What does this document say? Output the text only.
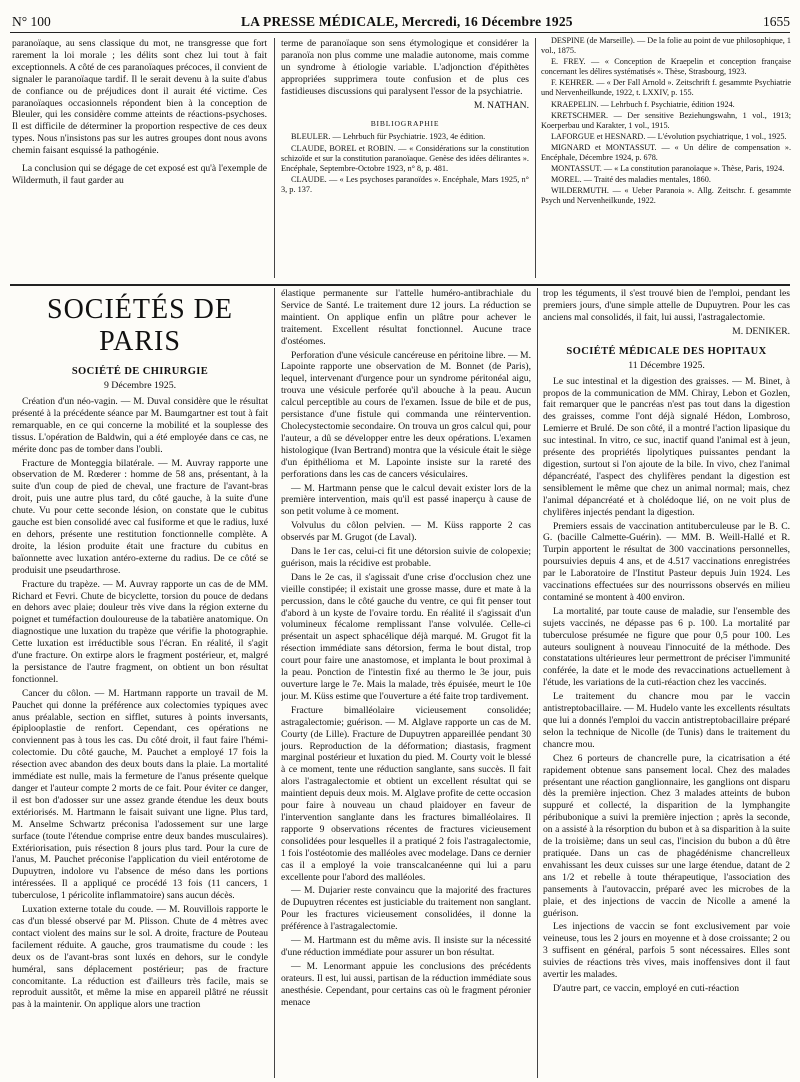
N° 100	LA PRESSE MÉDICALE, Mercredi, 16 Décembre 1925	1655

paranoïaque, au sens classique du mot, ne transgresse que fort rarement la loi morale ; les délits sont chez lui tout à fait exceptionnels. A côté de ces paranoïaques précoces, il convient de signaler le paranoïaque tardif. Il le serait devenu à la suite d'abus de confiance ou de préjudices dont il aurait été victime. Ces paranoïaques occasionnels répondent bien à la conception de Bleuler, qui les considère comme atteints de réactions-psychoses. Il est difficile de déterminer la proportion respective de ces deux types. Nous n'insistons pas sur les autres groupes dont nous avons chemin faisant esquissé la pathogénie.

La conclusion qui se dégage de cet exposé est qu'à l'exemple de Wildermuth, il faut garder au

terme de paranoïaque son sens étymologique et considérer la paranoïa non plus comme une maladie autonome, mais comme un syndrome à étiologie variable. L'adjonction d'épithètes appropriées supprimera toute confusion et de plus ces fastidieuses discussions qui paralysent l'essor de la psychiatrie.

M. NATHAN.

BIBLIOGRAPHIE

BLEULER. — Lehrbuch für Psychiatrie. 1923, 4e édition.

CLAUDE, BOREL et ROBIN. — « Considérations sur la constitution schizoïde et sur la constitution paranoïaque. Genèse des idées délirantes ». Encéphale, Septembre-Octobre 1923, n° 8, p. 481.

CLAUDE. — « Les psychoses paranoïdes ». Encéphale, Mars 1925, n° 3, p. 137.

DESPINE (de Marseille). — De la folie au point de vue philosophique, 1 vol., 1875.

E. FREY. — « Conception de Kraepelin et conception française concernant les délires systématisés ». Thèse, Strasbourg, 1923.

F. KEHRER. — « Der Fall Arnold ». Zeitschrift f. gesammte Psychiatrie und Nervenheilkunde, 1922, t. LXXIV, p. 155.

KRAEPELIN. — Lehrbuch f. Psychiatrie, édition 1924.

KRETSCHMER. — Der sensitive Beziehungswahn, 1 vol., 1913; Koerperbau und Karakter, 1 vol., 1915.

LAFORGUE et HESNARD. — L'évolution psychiatrique, 1 vol., 1925.

MIGNARD et MONTASSUT. — « Un délire de compensation ». Encéphale, Décembre 1924, p. 678.

MONTASSUT. — « La constitution paranoïaque ». Thèse, Paris, 1924.

MOREL. — Traité des maladies mentales, 1860.

WILDERMUTH. — « Ueber Paranoia ». Allg. Zeitschr. f. gesammte Psych und Nervenheilkunde, 1922.

SOCIÉTÉS DE PARIS
SOCIÉTÉ DE CHIRURGIE
9 Décembre 1925.

Création d'un néo-vagin. — M. Duval considère que le résultat présenté à la précédente séance par M. Baumgartner est tout à fait remarquable, en ce qui concerne la mobilité et la souplesse des tissus. L'opération de Baldwin, qui a été employée dans ce cas, ne mérite donc pas de tomber dans l'oubli.

Fracture de Monteggia bilatérale. — M. Auvray rapporte une observation de M. Rœderer : homme de 58 ans, présentant, à la suite d'un coup de pied de cheval, une fracture de l'avant-bras droit, puis une autre plus tard, du côté gauche, à la suite d'une chute. Vu pour cette seconde lésion, on constate que le cubitus gauche est bien consolidé avec cal fusiforme et que le radius, luxé en dehors, présente une restitution fonctionnelle complète. A droite, la lésion produite était une fracture du cubitus en baïonnette avec luxation antéro-externe du radius. De ce côté se produisit une pseudarthrose.

Fracture du trapèze. — M. Auvray rapporte un cas de de MM. Richard et Fevri. Chute de bicyclette, torsion du pouce de dedans en dehors avec plaie; douleur très vive dans la région externe du poignet et tuméfaction douloureuse de la tabatière anatomique. On diagnostique une luxation du trapèze que vérifie la photographie. Cette luxation est irréductible sous l'écran. En réalité, il s'agit d'une fracture. On extirpe alors le fragment postérieur, et, malgré la persistance de l'autre fragment, on obtient un bon résultat fonctionnel.

Cancer du côlon. — M. Hartmann rapporte un travail de M. Pauchet qui donne la préférence aux colectomies typiques avec anus préalable, section en sifflet, sutures à points inversants, épiplooplastie de renfort. Cependant, ces opérations ne conviennent pas à tous les cas. Du côté droit, il faut faire l'hémi-colectomie. Du côté gauche, M. Pauchet a employé 17 fois la résection avec abandon des deux bouts dans la plaie. La mortalité immédiate est nulle, mais la fermeture de l'anus présente quelque danger et l'auteur compte 2 morts de ce fait. Pour éviter ce danger, il est bon d'adosser sur une assez grande étendue les deux bouts extériorisés. M. Hartmann le faisait suivant une ligne. Plus tard, M. Anselme Schwartz préconisa l'adossement sur une large surface (toute l'étendue comprise entre deux bandes musculaires). Extériorisation, puis résection 8 jours plus tard. Pour la cure de l'anus, M. Pauchet préconise l'application du vieil entérotome de Dupuytren, indolore vu l'absence de méso dans les portions intéressées. Il a appliqué ce procédé 13 fois (11 cancers, 1 tuberculose, 1 péricolite inflammatoire) sans aucun décès.

Luxation externe totale du coude. — M. Rouvillois rapporte le cas d'un blessé observé par M. Plisson. Chute de 4 mètres avec contact violent des mains sur le sol. A droite, fracture de Pouteau facilement réduite. A gauche, gros traumatisme du coude : les deux os de l'avant-bras sont luxés en dehors, sur le condyle huméral, sans déplacement postérieur; pas de fracture concomitante. La réduction est d'ailleurs très facile, mais se reproduit aussitôt, et même la mise en appareil plâtré ne réussit pas à la maintenir. On applique alors une traction

élastique permanente sur l'attelle huméro-antibrachiale du Service de Santé. Le traitement dure 12 jours. La réduction se maintient. On applique enfin un plâtre pour achever le traitement. Excellent résultat fonctionnel. Aucune trace d'ostéomes.

Perforation d'une vésicule cancéreuse en péritoine libre. — M. Lapointe rapporte une observation de M. Bonnet (de Paris), lequel, intervenant d'urgence pour un syndrome péritonéal aigu, trouva une vésicule perforée qu'il abouche à la peau. Aucun calcul perceptible au cours de l'examen. Issue de bile et de pus, persistance d'une fistule qui commanda une réintervention. Cholecystectomie secondaire. On trouva un gros calcul qui, pour l'auteur, a dû se développer entre les deux opérations. L'examen histologique (Ivan Bertrand) montra que la vésicule était le siège d'un épithélioma et M. Lapointe insiste sur la rareté des perforations dans les cas de cancers vésiculaires.

— M. Hartmann pense que le calcul devait exister lors de la première intervention, mais qu'il est passé inaperçu à cause de son petit volume à ce moment.

Volvulus du côlon pelvien. — M. Küss rapporte 2 cas observés par M. Grugot (de Laval).

Dans le 1er cas, celui-ci fit une détorsion suivie de colopexie; guérison, mais la récidive est probable.

Dans le 2e cas, il s'agissait d'une crise d'occlusion chez une vieille constipée; il existait une grosse masse, dure et mate à la percussion, dans le côté gauche du ventre, ce qui fit penser tout d'abord à un kyste de l'ovaire tordu. En réalité il s'agissait d'un volumineux fécalome remplissant l'anse volvulée. Celle-ci présentait un aspect sphacélique déjà marqué. M. Grugot fit la résection immédiate sans détorsion, ferma le bout distal, trop court pour faire une anastomose, et implanta le bout proximal à la peau. Ponction de l'intestin fixé au thermo le 3e jour, puis ouverture large le 7e. Mais la malade, très épuisée, meurt le 10e jour. M. Küss estime que l'ouverture a été faite trop tardivement.

Fracture bimalléolaire vicieusement consolidée; astragalectomie; guérison. — M. Alglave rapporte un cas de M. Courty (de Lille). Fracture de Dupuytren appareillée pendant 30 jours. Reproduction de la déformation; diastasis, fragment marginal postérieur et luxation du pied. M. Courty voit le blessé à ce moment, tente une réduction sanglante, sans succès. Il fait alors l'astragalectomie et obtient un excellent résultat qui se maintient depuis deux mois. M. Alglave profite de cette occasion pour faire à nouveau un chaud plaidoyer en faveur de l'intervention sanglante dans les fractures bimalléolaires. Il rapporte 9 observations récentes de fractures vicieusement consolidées pour lesquelles il a pratiqué 2 fois l'astragalectomie, 1 fois l'ostéotomie des malléoles avec modelage. Dans ce dernier cas il a employé la voie transcalcanéenne qui lui a paru excellente pour l'abord des malléoles.

— M. Dujarier reste convaincu que la majorité des fractures de Dupuytren récentes est justiciable du traitement non sanglant. Pour les fractures vicieusement consolidées, il donne la préférence à l'astragalectomie.

— M. Hartmann est du même avis. Il insiste sur la nécessité d'une réduction immédiate pour assurer un bon résultat.

— M. Lenormant appuie les conclusions des précédents orateurs. Il est, lui aussi, partisan de la réduction immédiate sous anesthésie. Cependant, pour certains cas où le fragment péronier menace

trop les téguments, il s'est trouvé bien de l'emploi, pendant les premiers jours, d'une simple attelle de Dupuytren. Pour les cas anciens mal consolidés, il fait, lui aussi, l'astragalectomie.

M. DENIKER.

SOCIÉTÉ MÉDICALE DES HOPITAUX
11 Décembre 1925.

Le suc intestinal et la digestion des graisses. — M. Binet, à propos de la communication de MM. Chiray, Lebon et Gozlen, fait remarquer que le pancréas n'est pas tout dans la digestion des graisses, comme l'ont déjà signalé Hédon, Lombroso, Lemierre et Brulé. De son côté, il a montré l'action lipasique du suc intestinal. In vitro, ce suc, inactif quand l'animal est à jeun, présente des propriétés lipolytiques puissantes pendant la digestion, surtout si l'on ajoute de la bile. In vivo, chez l'animal dépancréaté, l'aspect des chylifères pendant la digestion est sensiblement le même que chez un animal normal; mais, chez l'animal dépancréaté et à cholédoque lié, on ne voit plus de chylifères injectés pendant la digestion.

Premiers essais de vaccination antituberculeuse par le B. C. G. (bacille Calmette-Guérin). — MM. B. Weill-Hallé et R. Turpin apportent le résultat de 300 vaccinations personnelles, poursuivies depuis 4 ans, et de 4.517 vaccinations enregistrées par le Laboratoire de l'Institut Pasteur depuis Juin 1924. Les vaccinations effectuées sur des nourrissons observés en milieu contaminé se montent à 400 environ.

La mortalité, par toute cause de maladie, sur l'ensemble des sujets vaccinés, ne dépasse pas 6 p. 100. La mortalité par tuberculose présumée ne figure que pour 0,5 pour 100. Les auteurs soulignent à nouveau l'innocuité de la méthode. Des constatations ultérieures leur permettront de préciser l'immunité conférée, la date et le mode des revaccinations actuellement à l'étude, les variations de la cuti-réaction chez les vaccinés.

Le traitement du chancre mou par le vaccin antistreptobacillaire. — M. Hudelo vante les excellents résultats que lui a donnés l'emploi du vaccin antistreptobacillaire préparé selon la technique de Nicolle (de Tunis) dans le traitement du chancre mou.

Chez 6 porteurs de chancrelle pure, la cicatrisation a été rapidement obtenue sans pansement local. Chez des malades présentant une réaction ganglionnaire, les ganglions ont disparu dès la première injection. Chez 3 malades atteints de bubon suppuré et collecté, la disparition de la lymphangite péribubonique a suivi la première injection ; après la seconde, on a assisté à la résorption du bubon et à sa disparition à la suite de la troisième; dans un seul cas, l'incision du bubon a dû être pratiquée. Dans un cas de phagédénisme chancrelleux envahissant les deux cuisses sur une large étendue, datant de 2 ans 1/2 et rebelle à toute thérapeutique, l'association des pansements à l'autovaccin, préparé avec les microbes de la plaie, et des injections de vaccin de Nicolle a amené la guérison.

Les injections de vaccin se font exclusivement par voie veineuse, tous les 2 jours en moyenne et à dose croissante; 2 ou 3 suffisent en général, parfois 5 sont nécessaires. Elles sont suivies de réactions très vives, mais inoffensives dont il faut avertir les malades.

D'autre part, ce vaccin, employé en cuti-réaction
